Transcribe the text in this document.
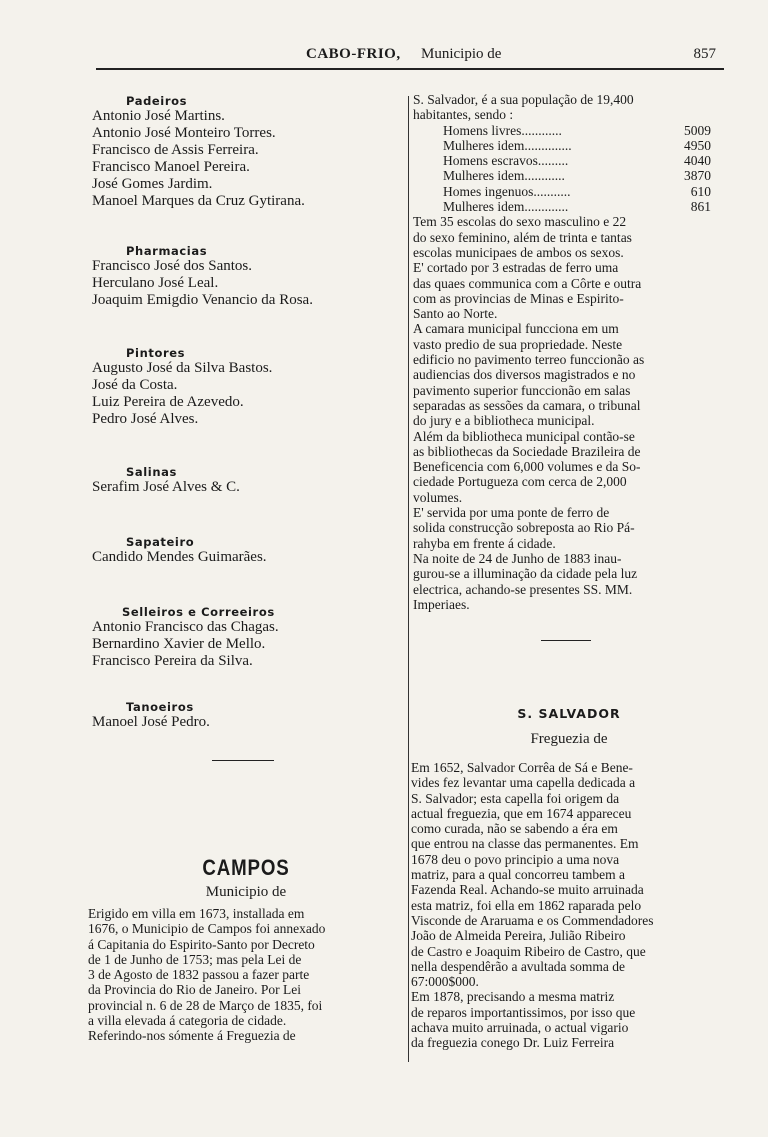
CABO-FRIO, Municipio de	857
Padeiros
Antonio José Martins.
Antonio José Monteiro Torres.
Francisco de Assis Ferreira.
Francisco Manoel Pereira.
José Gomes Jardim.
Manoel Marques da Cruz Gytirana.
Pharmacias
Francisco José dos Santos.
Herculano José Leal.
Joaquim Emigdio Venancio da Rosa.
Pintores
Augusto José da Silva Bastos.
José da Costa.
Luiz Pereira de Azevedo.
Pedro José Alves.
Salinas
Serafim José Alves & C.
Sapateiro
Candido Mendes Guimarães.
Selleiros e Correeiros
Antonio Francisco das Chagas.
Bernardino Xavier de Mello.
Francisco Pereira da Silva.
Tanoeiros
Manoel José Pedro.
CAMPOS
Municipio de
Erigido em villa em 1673, installada em
1676, o Municipio de Campos foi annexado
á Capitania do Espirito-Santo por Decreto
de 1 de Junho de 1753; mas pela Lei de
3 de Agosto de 1832 passou a fazer parte
da Provincia do Rio de Janeiro. Por Lei
provincial n. 6 de 28 de Março de 1835, foi
a villa elevada á categoria de cidade.
Referindo-nos sómente á Freguezia de
S. Salvador, é a sua população de 19,400
habitantes, sendo :
Homens livres............	5009
Mulheres idem..............	4950
Homens escravos.........	4040
Mulheres idem............	3870
Homes ingenuos...........	610
Mulheres idem.............	861
Tem 35 escolas do sexo masculino e 22
do sexo feminino, além de trinta e tantas
escolas municipaes de ambos os sexos.
E' cortado por 3 estradas de ferro uma
das quaes communica com a Côrte e outra
com as provincias de Minas e Espirito-
Santo ao Norte.
A camara municipal funcciona em um
vasto predio de sua propriedade. Neste
edificio no pavimento terreo funccionão as
audiencias dos diversos magistrados e no
pavimento superior funccionão em salas
separadas as sessões da camara, o tribunal
do jury e a bibliotheca municipal.
Além da bibliotheca municipal contão-se
as bibliothecas da Sociedade Brazileira de
Beneficencia com 6,000 volumes e da So-
ciedade Portugueza com cerca de 2,000
volumes.
E' servida por uma ponte de ferro de
solida construcção sobreposta ao Rio Pá-
rahyba em frente á cidade.
Na noite de 24 de Junho de 1883 inau-
gurou-se a illuminação da cidade pela luz
electrica, achando-se presentes SS. MM.
Imperiaes.
S. SALVADOR
Freguezia de
Em 1652, Salvador Corrêa de Sá e Bene-
vides fez levantar uma capella dedicada a
S. Salvador; esta capella foi origem da
actual freguezia, que em 1674 appareceu
como curada, não se sabendo a éra em
que entrou na classe das permanentes. Em
1678 deu o povo principio a uma nova
matriz, para a qual concorreu tambem a
Fazenda Real. Achando-se muito arruinada
esta matriz, foi ella em 1862 raparada pelo
Visconde de Araruama e os Commendadores
João de Almeida Pereira, Julião Ribeiro
de Castro e Joaquim Ribeiro de Castro, que
nella despendêrão a avultada somma de
67:000$000.
Em 1878, precisando a mesma matriz
de reparos importantissimos, por isso que
achava muito arruinada, o actual vigario
da freguezia conego Dr. Luiz Ferreira
